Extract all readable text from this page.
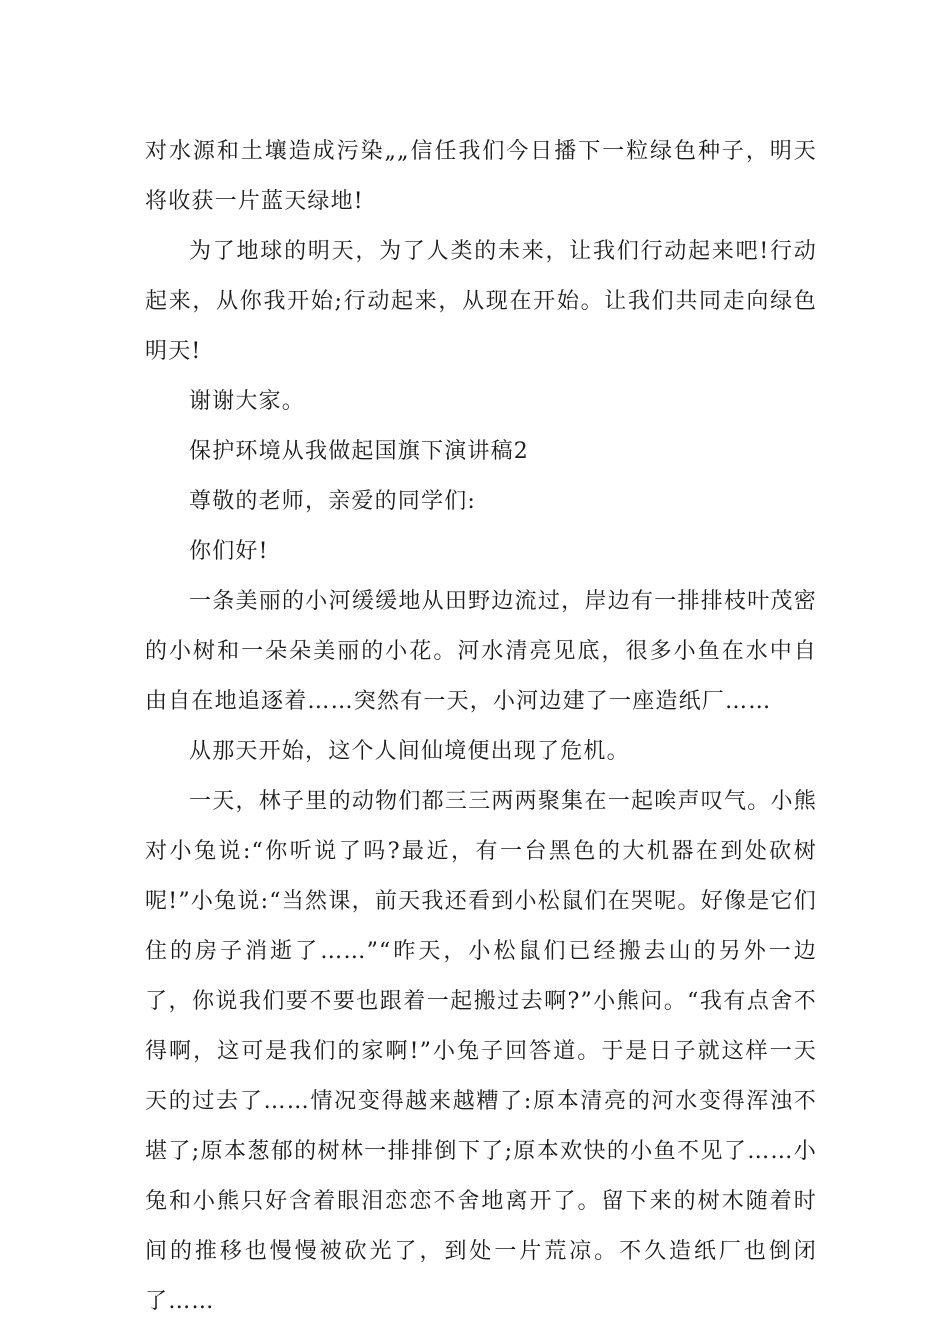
对水源和土壤造成污染„„信任我们今日播下一粒绿色种子，明天将收获一片蓝天绿地!

为了地球的明天，为了人类的未来，让我们行动起来吧!行动起来，从你我开始;行动起来，从现在开始。让我们共同走向绿色明天!

谢谢大家。

保护环境从我做起国旗下演讲稿2

尊敬的老师，亲爱的同学们:

你们好!

一条美丽的小河缓缓地从田野边流过，岸边有一排排枝叶茂密的小树和一朵朵美丽的小花。河水清亮见底，很多小鱼在水中自由自在地追逐着……突然有一天，小河边建了一座造纸厂……

从那天开始，这个人间仙境便出现了危机。

一天，林子里的动物们都三三两两聚集在一起唉声叹气。小熊对小兔说:“你听说了吗?最近，有一台黑色的大机器在到处砍树呢!”小兔说:“当然课，前天我还看到小松鼠们在哭呢。好像是它们住的房子消逝了……”“昨天，小松鼠们已经搬去山的另外一边了，你说我们要不要也跟着一起搬过去啊?”小熊问。“我有点舍不得啊，这可是我们的家啊!”小兔子回答道。于是日子就这样一天天的过去了……情况变得越来越糟了:原本清亮的河水变得浑浊不堪了;原本葱郁的树林一排排倒下了;原本欢快的小鱼不见了……小兔和小熊只好含着眼泪恋恋不舍地离开了。留下来的树木随着时间的推移也慢慢被砍光了，到处一片荒凉。不久造纸厂也倒闭了……
